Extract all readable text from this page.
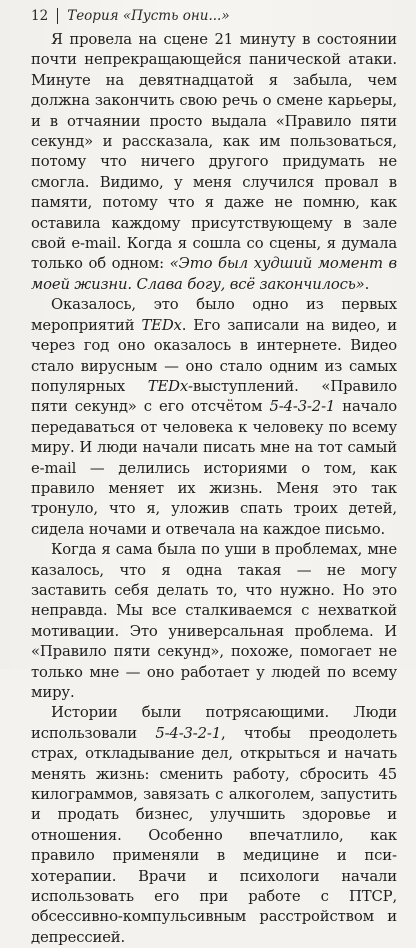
12 Теория «Пусть они...»

Я провела на сцене 21 минуту в состоянии почти непрекращающейся панической атаки. Минуте на девятнадцатой я забыла, чем должна закончить свою речь о смене карьеры, и в отчаянии просто выдала «Правило пяти секунд» и рассказала, как им пользоваться, потому что ничего другого придумать не смогла. Видимо, у меня случился провал в памяти, потому что я даже не помню, как оставила каждому присутствующему в зале свой e-mail. Когда я сошла со сцены, я думала только об одном: «Это был худший момент в моей жизни. Слава богу, всё закончилось».

Оказалось, это было одно из первых мероприятий TEDx. Его записали на видео, и через год оно оказалось в интернете. Видео стало вирусным — оно стало одним из самых популярных TEDx-выступлений. «Правило пяти секунд» с его отсчётом 5-4-3-2-1 начало передаваться от человека к человеку по всему миру. И люди начали писать мне на тот самый e-mail — делились историями о том, как правило меняет их жизнь. Меня это так тронуло, что я, уложив спать троих детей, сидела ночами и отвечала на каждое письмо.

Когда я сама была по уши в проблемах, мне казалось, что я одна такая — не могу заставить себя делать то, что нужно. Но это неправда. Мы все сталкиваемся с нехваткой мотивации. Это универсальная проблема. И «Правило пяти секунд», похоже, помогает не только мне — оно работает у людей по всему миру.

Истории были потрясающими. Люди использовали 5-4-3-2-1, чтобы преодолеть страх, откладывание дел, открыться и начать менять жизнь: сменить работу, сбросить 45 килограммов, завязать с алкоголем, запустить и продать бизнес, улучшить здоровье и отношения. Особенно впечатлило, как правило применяли в медицине и психотерапии. Врачи и психологи начали использовать его при работе с ПТСР, обсессивно-компульсивным расстройством и депрессией.
